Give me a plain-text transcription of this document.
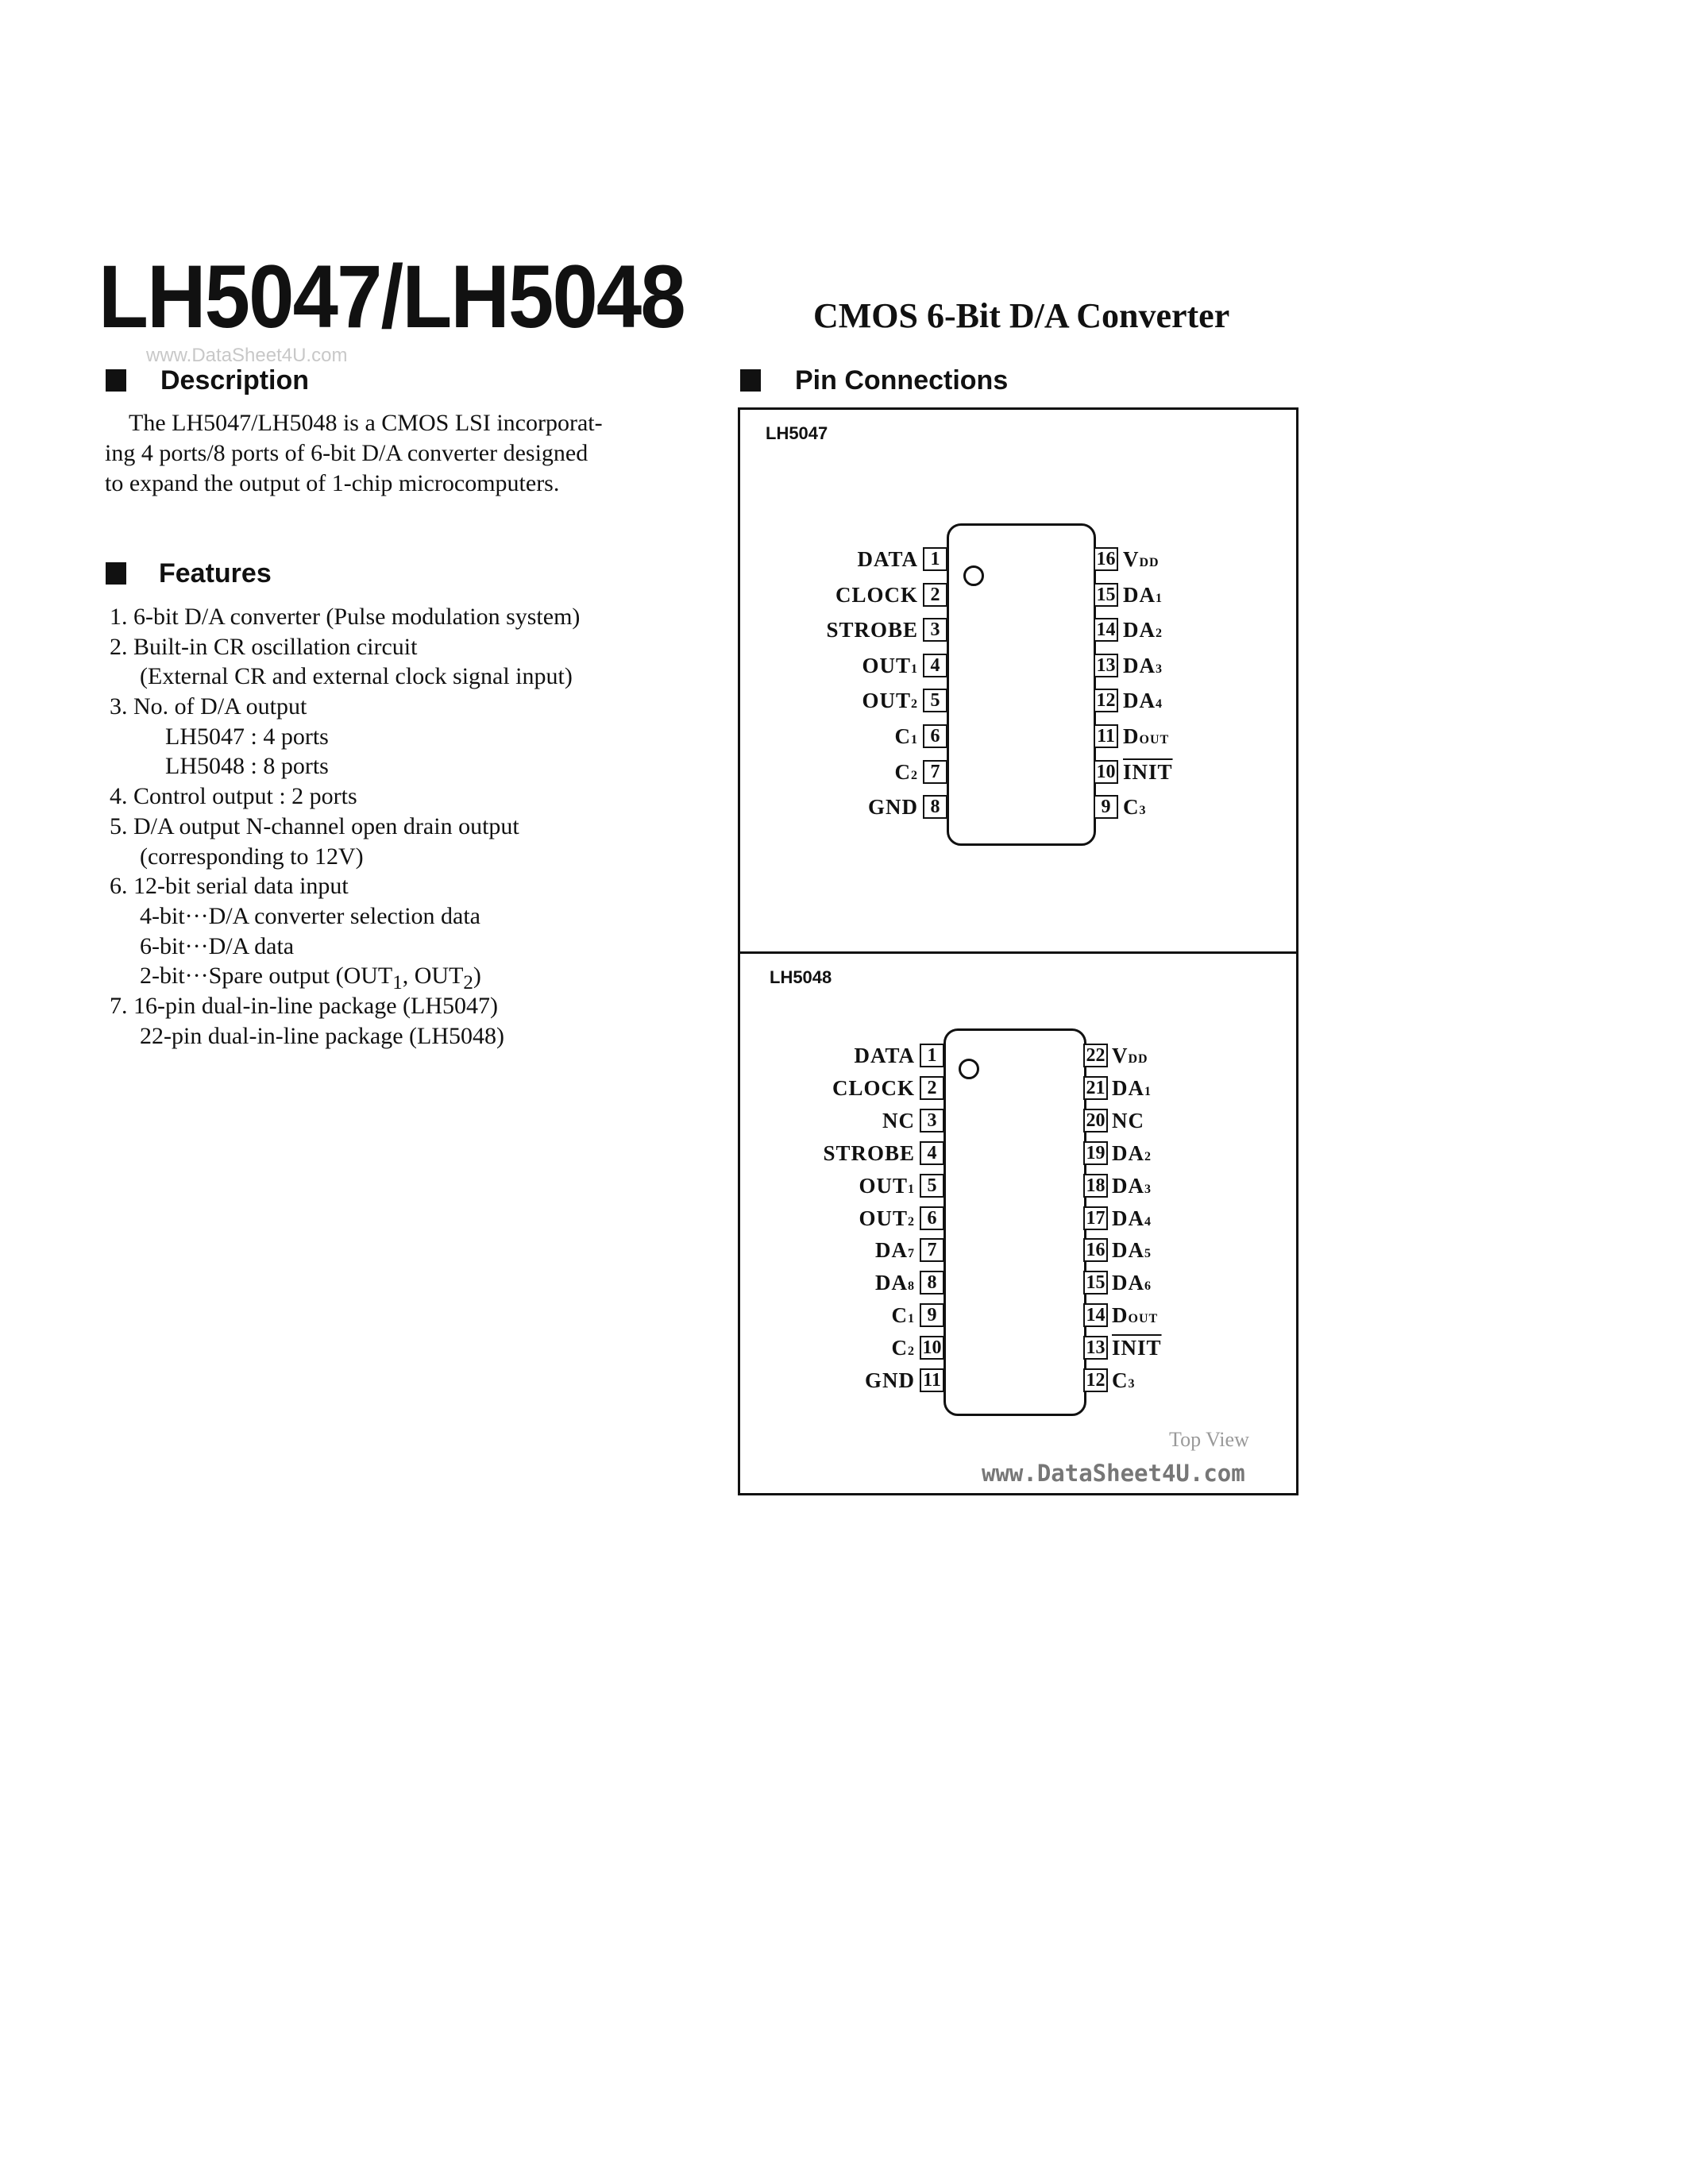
LH5047/LH5048	CMOS 6-Bit D/A Converter
www.DataSheet4U.com
Description
The LH5047/LH5048 is a CMOS LSI incorporat-
ing 4 ports/8 ports of 6-bit D/A converter designed
to expand the output of 1-chip microcomputers.
Features
1. 6-bit D/A converter (Pulse modulation system)
2. Built-in CR oscillation circuit
(External CR and external clock signal input)
3. No. of D/A output
LH5047 : 4 ports
LH5048 : 8 ports
4. Control output : 2 ports
5. D/A output N-channel open drain output
(corresponding to 12V)
6. 12-bit serial data input
4-bit···D/A converter selection data
6-bit···D/A data
2-bit···Spare output ($OUT_1$, $OUT_2$)
7. 16-pin dual-in-line package (LH5047)
22-pin dual-in-line package (LH5048)
Pin Connections
LH5047
1
DATA
2
CLOCK
3
STROBE
4
OUT1
5
OUT2
6
C1
7
C2
8
GND
16 VDD
15 DA1
14 DA2
13 DA3
12 DA4
11 DOUT
10 INIT
9 C3
LH5048
1
DATA
2
CLOCK
3
NC
4
STROBE
5
OUT1
6
OUT2
7
DA7
8
DA8
9
C1
10
C2
11
GND
22 VDD
21 DA1
20 NC
19 DA2
18 DA3
17 DA4
16 DA5
15 DA6
14 DOUT
13 INIT
12 C3
Top View
www.DataSheet4U.com
